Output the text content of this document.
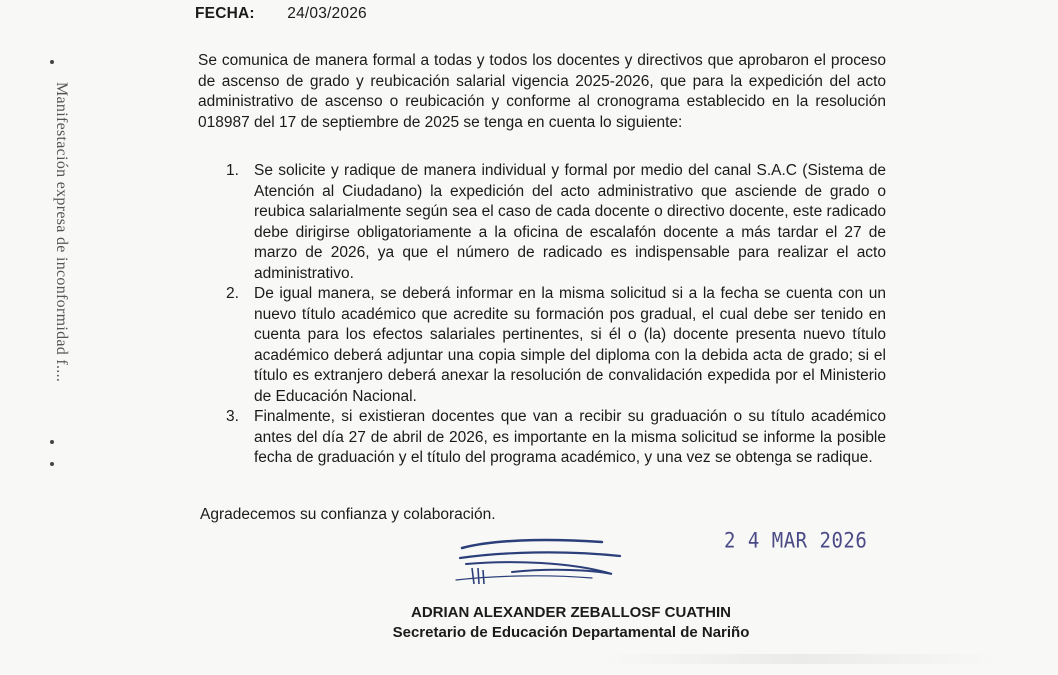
Manifestación expresa de inconformidad f....
FECHA: 24/03/2026

Se comunica de manera formal a todas y todos los docentes y directivos que aprobaron el proceso de ascenso de grado y reubicación salarial vigencia 2025-2026, que para la expedición del acto administrativo de ascenso o reubicación y conforme al cronograma establecido en la resolución 018987 del 17 de septiembre de 2025 se tenga en cuenta lo siguiente:

1. Se solicite y radique de manera individual y formal por medio del canal S.A.C (Sistema de Atención al Ciudadano) la expedición del acto administrativo que asciende de grado o reubica salarialmente según sea el caso de cada docente o directivo docente, este radicado debe dirigirse obligatoriamente a la oficina de escalafón docente a más tardar el 27 de marzo de 2026, ya que el número de radicado es indispensable para realizar el acto administrativo.
2. De igual manera, se deberá informar en la misma solicitud si a la fecha se cuenta con un nuevo título académico que acredite su formación pos gradual, el cual debe ser tenido en cuenta para los efectos salariales pertinentes, si él o (la) docente presenta nuevo título académico deberá adjuntar una copia simple del diploma con la debida acta de grado; si el título es extranjero deberá anexar la resolución de convalidación expedida por el Ministerio de Educación Nacional.
3. Finalmente, si existieran docentes que van a recibir su graduación o su título académico antes del día 27 de abril de 2026, es importante en la misma solicitud se informe la posible fecha de graduación y el título del programa académico, y una vez se obtenga se radique.
Agradecemos su confianza y colaboración.
2 4 MAR 2026
ADRIAN ALEXANDER ZEBALLOSF CUATHIN
Secretario de Educación Departamental de Nariño
